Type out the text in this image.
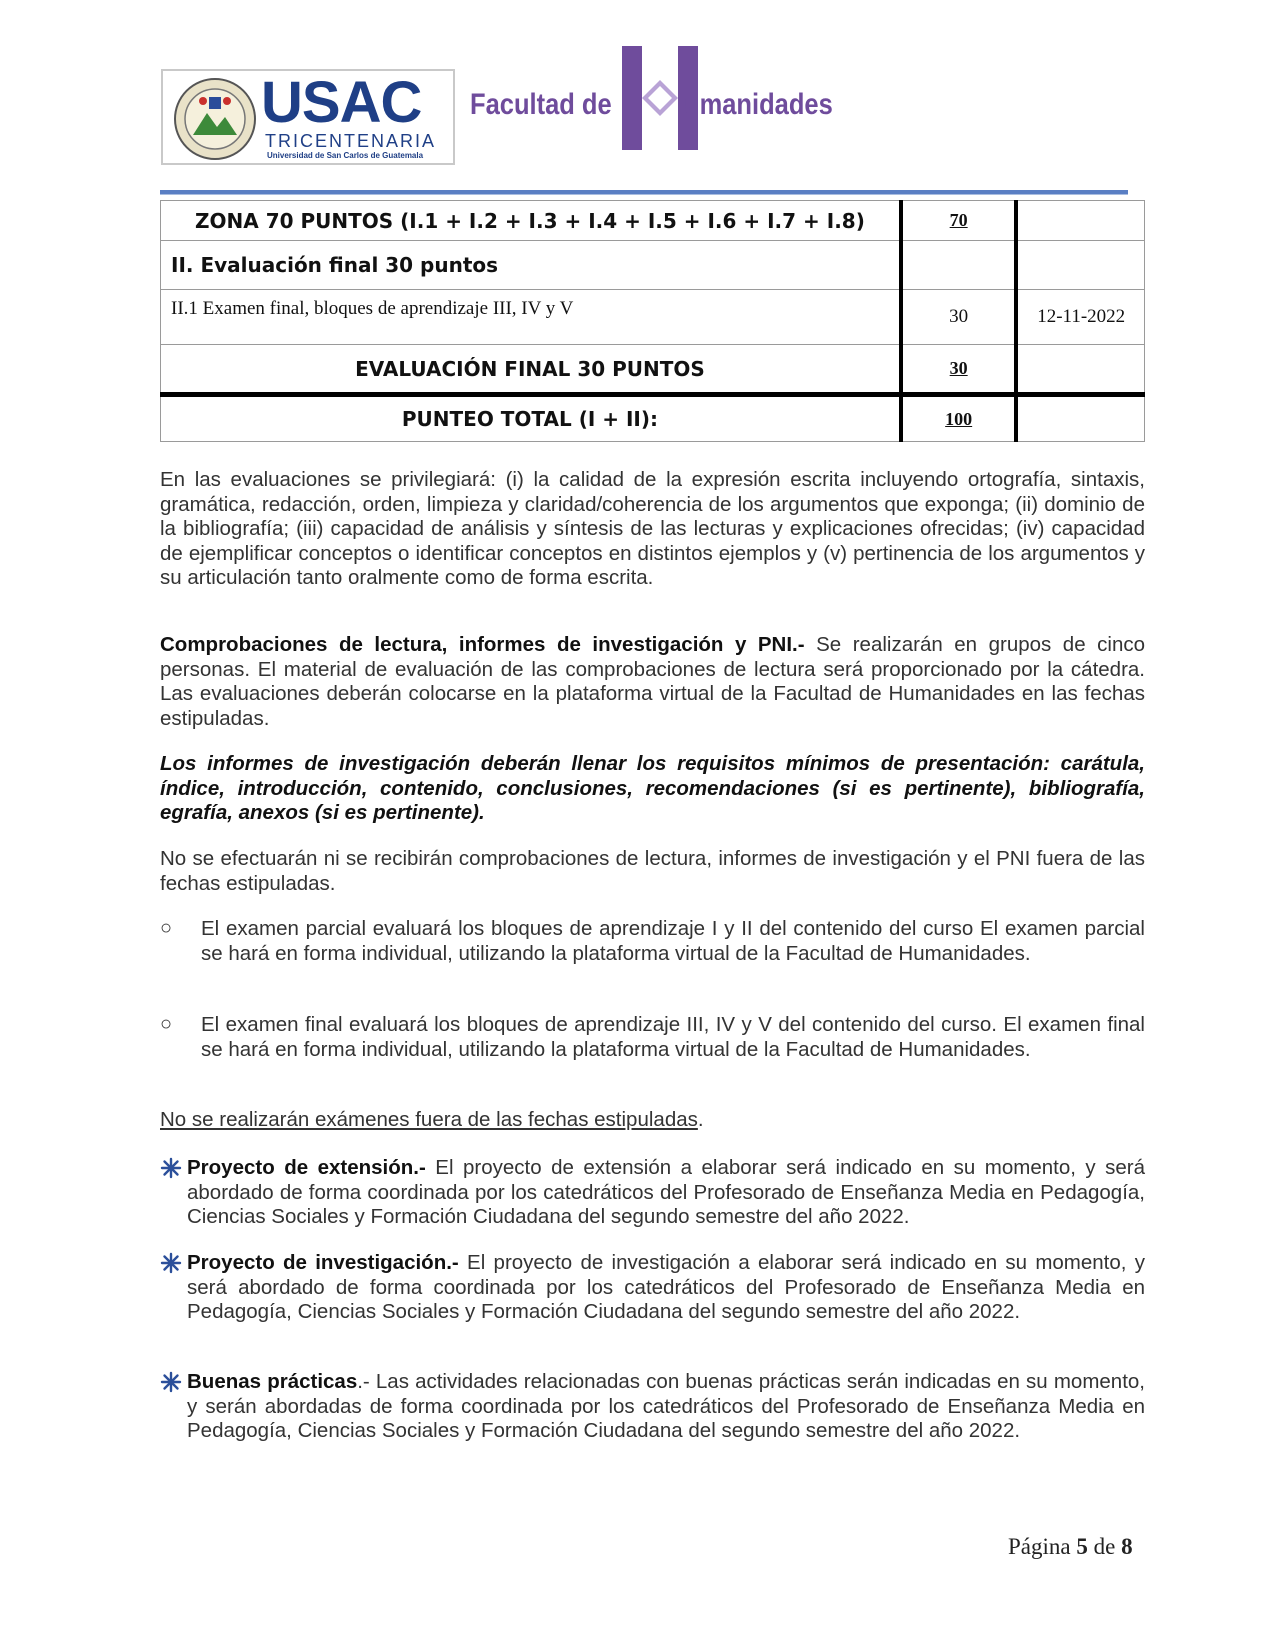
USAC
TRICENTENARIA
Universidad de San Carlos de Guatemala
Facultad de umanidades
ZONA 70 PUNTOS (I.1 + I.2 + I.3 + I.4 + I.5 + I.6 + I.7 + I.8)	70	
II. Evaluación final 30 puntos		
II.1 Examen final, bloques de aprendizaje III, IV y V	30	12-11-2022
EVALUACIÓN FINAL 30 PUNTOS	30	
PUNTEO TOTAL (I + II):	100	
En las evaluaciones se privilegiará: (i) la calidad de la expresión escrita incluyendo ortografía, sintaxis, gramática, redacción, orden, limpieza y claridad/coherencia de los argumentos que exponga; (ii) dominio de la bibliografía; (iii) capacidad de análisis y síntesis de las lecturas y explicaciones ofrecidas; (iv) capacidad de ejemplificar conceptos o identificar conceptos en distintos ejemplos y (v) pertinencia de los argumentos y su articulación tanto oralmente como de forma escrita.
Comprobaciones de lectura, informes de investigación y PNI.- Se realizarán en grupos de cinco personas. El material de evaluación de las comprobaciones de lectura será proporcionado por la cátedra. Las evaluaciones deberán colocarse en la plataforma virtual de la Facultad de Humanidades en las fechas estipuladas.
Los informes de investigación deberán llenar los requisitos mínimos de presentación: carátula, índice, introducción, contenido, conclusiones, recomendaciones (si es pertinente), bibliografía, egrafía, anexos (si es pertinente).
No se efectuarán ni se recibirán comprobaciones de lectura, informes de investigación y el PNI fuera de las fechas estipuladas.
○ El examen parcial evaluará los bloques de aprendizaje I y II del contenido del curso El examen parcial se hará en forma individual, utilizando la plataforma virtual de la Facultad de Humanidades.
○ El examen final evaluará los bloques de aprendizaje III, IV y V del contenido del curso. El examen final se hará en forma individual, utilizando la plataforma virtual de la Facultad de Humanidades.
No se realizarán exámenes fuera de las fechas estipuladas.
Proyecto de extensión.- El proyecto de extensión a elaborar será indicado en su momento, y será abordado de forma coordinada por los catedráticos del Profesorado de Enseñanza Media en Pedagogía, Ciencias Sociales y Formación Ciudadana del segundo semestre del año 2022.
Proyecto de investigación.- El proyecto de investigación a elaborar será indicado en su momento, y será abordado de forma coordinada por los catedráticos del Profesorado de Enseñanza Media en Pedagogía, Ciencias Sociales y Formación Ciudadana del segundo semestre del año 2022.
Buenas prácticas.- Las actividades relacionadas con buenas prácticas serán indicadas en su momento, y serán abordadas de forma coordinada por los catedráticos del Profesorado de Enseñanza Media en Pedagogía, Ciencias Sociales y Formación Ciudadana del segundo semestre del año 2022.
Página 5 de 8
